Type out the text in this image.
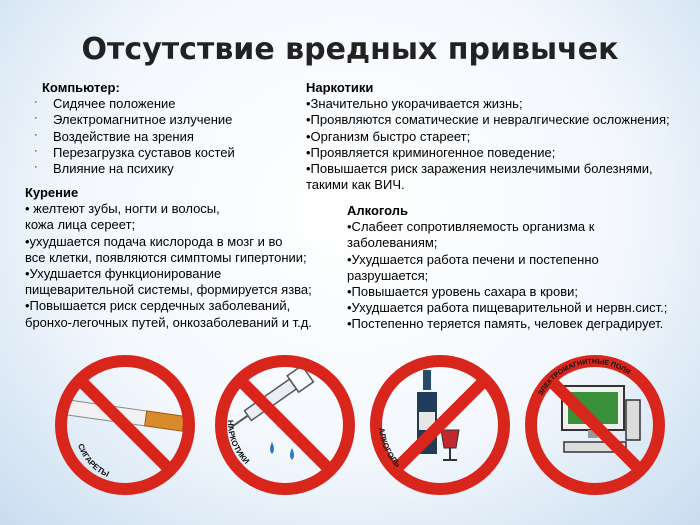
Отсутствие вредных привычек
Компьютер:
· Сидячее положение
· Электромагнитное излучение
· Воздействие на зрения
· Перезагрузка суставов костей
· Влияние на психику
Наркотики
•Значительно укорачивается жизнь;
•Проявляются соматические и невралгические осложнения;
•Организм быстро стареет;
•Проявляется криминогенное поведение;
•Повышается риск заражения неизлечимыми болезнями,
такими как ВИЧ.
Курение
• желтеют зубы, ногти и волосы,
кожа лица сереет;
•ухудшается подача кислорода в мозг и во
все клетки, появляются симптомы гипертонии;
•Ухудшается функционирование
пищеварительной системы, формируется язва;
•Повышается риск сердечных заболеваний,
бронхо-легочных путей, онкозаболеваний и т.д.
Алкоголь
•Слабеет сопротивляемость организма к
заболеваниям;
•Ухудшается работа печени и постепенно
разрушается;
•Повышается уровень сахара в крови;
•Ухудшается работа пищеварительной и нервн.сист.;
•Постепенно теряется память, человек деградирует.
СИГАРЕТЫ
НАРКОТИКИ
АЛКОГОЛЬ
ЭЛЕКТРОМАГНИТНЫЕ ПОЛЯ
